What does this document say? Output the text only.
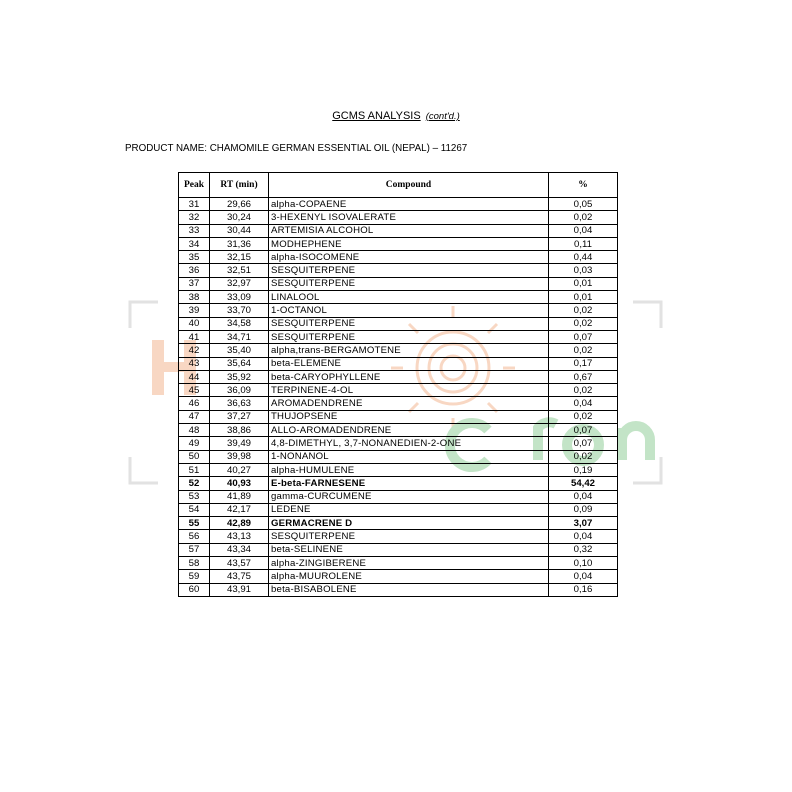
GCMS ANALYSIS (cont'd.)
PRODUCT NAME: CHAMOMILE GERMAN ESSENTIAL OIL (NEPAL) – 11267
Peak	RT (min)	Compound	%
31	29,66	alpha-COPAENE	0,05
32	30,24	3-HEXENYL ISOVALERATE	0,02
33	30,44	ARTEMISIA ALCOHOL	0,04
34	31,36	MODHEPHENE	0,11
35	32,15	alpha-ISOCOMENE	0,44
36	32,51	SESQUITERPENE	0,03
37	32,97	SESQUITERPENE	0,01
38	33,09	LINALOOL	0,01
39	33,70	1-OCTANOL	0,02
40	34,58	SESQUITERPENE	0,02
41	34,71	SESQUITERPENE	0,07
42	35,40	alpha,trans-BERGAMOTENE	0,02
43	35,64	beta-ELEMENE	0,17
44	35,92	beta-CARYOPHYLLENE	0,67
45	36,09	TERPINENE-4-OL	0,02
46	36,63	AROMADENDRENE	0,04
47	37,27	THUJOPSENE	0,02
48	38,86	ALLO-AROMADENDRENE	0,07
49	39,49	4,8-DIMETHYL, 3,7-NONANEDIEN-2-ONE	0,07
50	39,98	1-NONANOL	0,02
51	40,27	alpha-HUMULENE	0,19
52	40,93	E-beta-FARNESENE	54,42
53	41,89	gamma-CURCUMENE	0,04
54	42,17	LEDENE	0,09
55	42,89	GERMACRENE D	3,07
56	43,13	SESQUITERPENE	0,04
57	43,34	beta-SELINENE	0,32
58	43,57	alpha-ZINGIBERENE	0,10
59	43,75	alpha-MUUROLENE	0,04
60	43,91	beta-BISABOLENE	0,16
